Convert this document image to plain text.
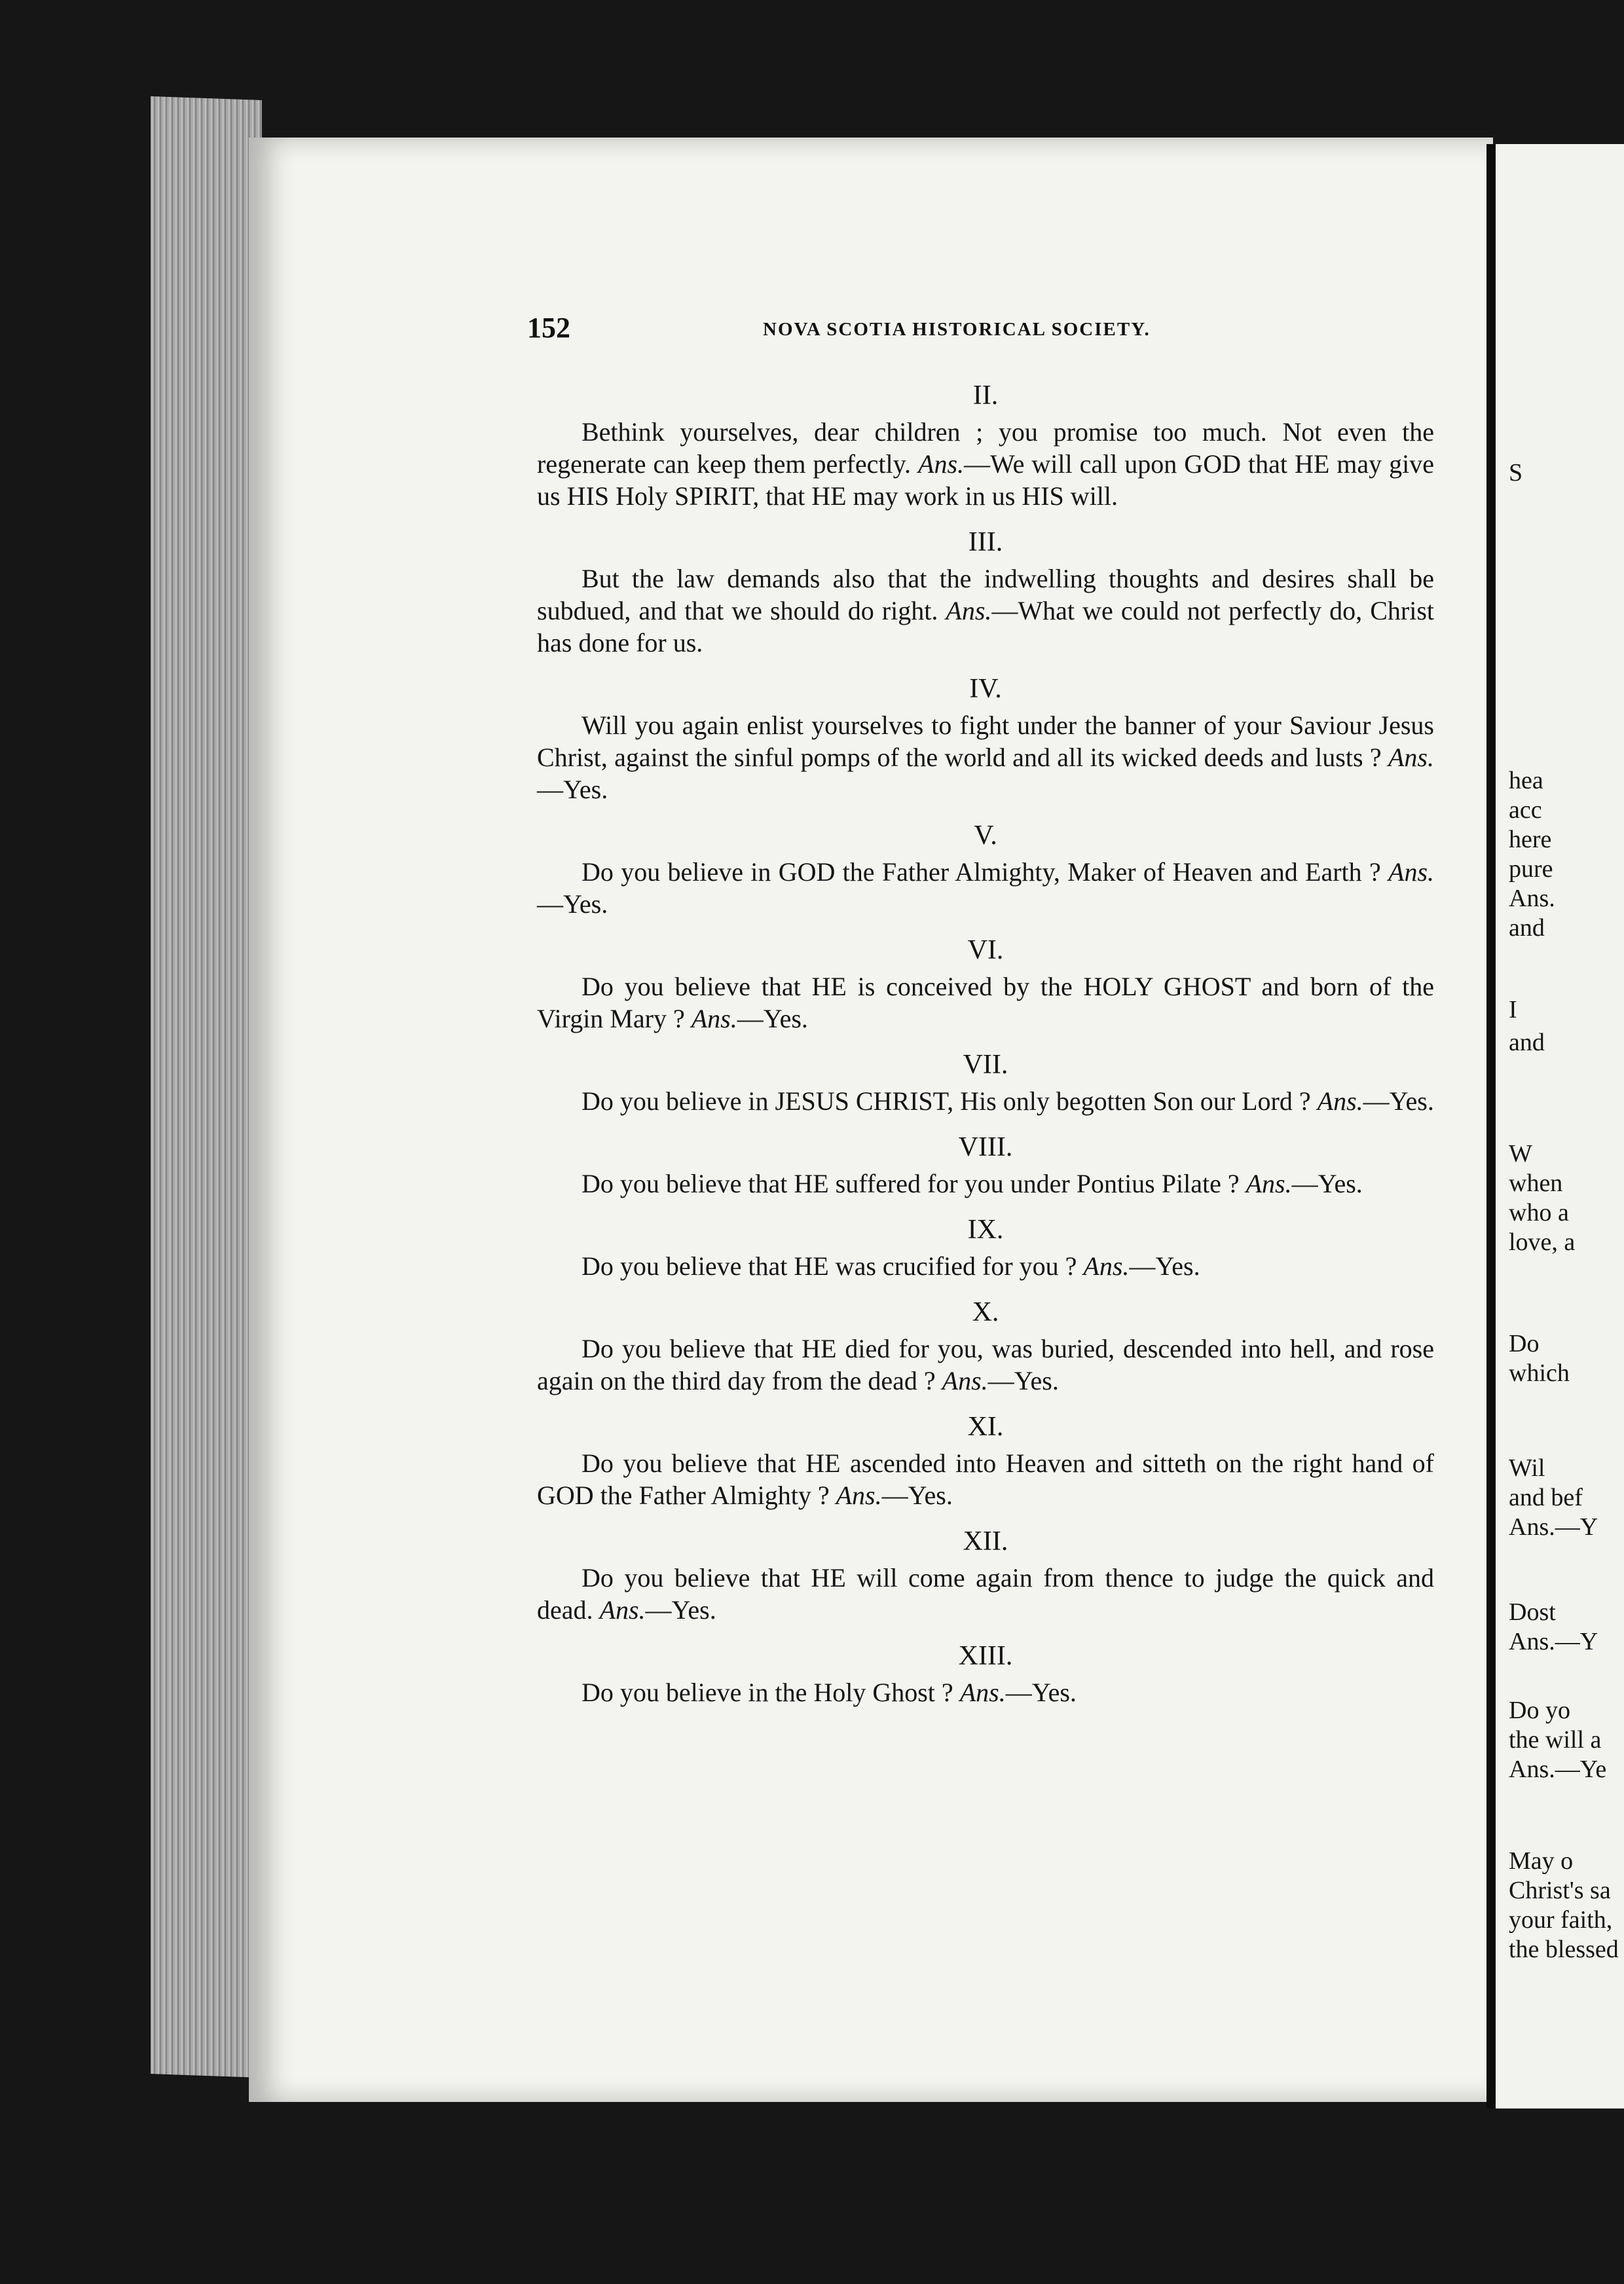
S
hea
acc
here
pure
Ans.
and
I
and
W
when
who a
love, a
Do
which
Wil
and bef
Ans.—Y
Dost
Ans.—Y
Do yo
the will a
Ans.—Ye
May o
Christ's sa
your faith,
the blessed
152	NOVA SCOTIA HISTORICAL SOCIETY.
II.

Bethink yourselves, dear children ; you promise too much. Not even the regenerate can keep them perfectly. Ans.—We will call upon GOD that HE may give us HIS Holy SPIRIT, that HE may work in us HIS will.

III.

But the law demands also that the indwelling thoughts and desires shall be subdued, and that we should do right. Ans.—What we could not perfectly do, Christ has done for us.

IV.

Will you again enlist yourselves to fight under the banner of your Saviour Jesus Christ, against the sinful pomps of the world and all its wicked deeds and lusts ? Ans.—Yes.

V.

Do you believe in GOD the Father Almighty, Maker of Heaven and Earth ? Ans.—Yes.

VI.

Do you believe that HE is conceived by the HOLY GHOST and born of the Virgin Mary ? Ans.—Yes.

VII.

Do you believe in JESUS CHRIST, His only begotten Son our Lord ? Ans.—Yes.

VIII.

Do you believe that HE suffered for you under Pontius Pilate ? Ans.—Yes.

IX.

Do you believe that HE was crucified for you ? Ans.—Yes.

X.

Do you believe that HE died for you, was buried, descended into hell, and rose again on the third day from the dead ? Ans.—Yes.

XI.

Do you believe that HE ascended into Heaven and sitteth on the right hand of GOD the Father Almighty ? Ans.—Yes.

XII.

Do you believe that HE will come again from thence to judge the quick and dead. Ans.—Yes.

XIII.

Do you believe in the Holy Ghost ? Ans.—Yes.
